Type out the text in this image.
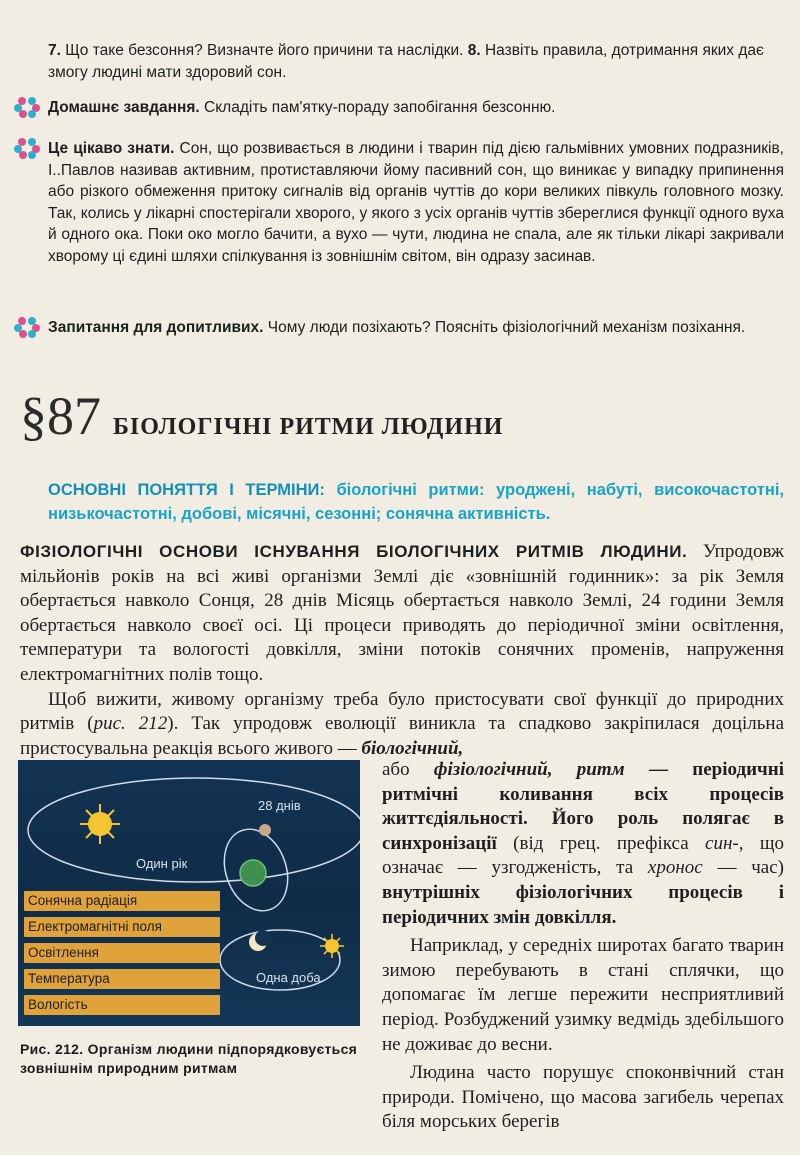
7. Що таке безсоння? Визначте його причини та наслідки. 8. Назвіть правила, дотримання яких дає змогу людині мати здоровий сон.
Домашнє завдання. Складіть пам'ятку-пораду запобігання безсонню.
Це цікаво знати. Сон, що розвивається в людини і тварин під дією гальмівних умовних подразників, І..Павлов називав активним, протиставляючи йому пасивний сон, що виникає у випадку припинення або різкого обмеження притоку сигналів від органів чуттів до кори великих півкуль головного мозку. Так, колись у лікарні спостерігали хворого, у якого з усіх органів чуттів збереглися функції одного вуха й одного ока. Поки око могло бачити, а вухо — чути, людина не спала, але як тільки лікарі закривали хворому ці єдині шляхи спілкування із зовнішнім світом, він одразу засинав.
Запитання для допитливих. Чому люди позіхають? Поясніть фізіологічний механізм позіхання.
§87 БІОЛОГІЧНІ РИТМИ ЛЮДИНИ
ОСНОВНІ ПОНЯТТЯ І ТЕРМІНИ: біологічні ритми: уроджені, набуті, високочастотні, низькочастотні, добові, місячні, сезонні; сонячна активність.

ФІЗІОЛОГІЧНІ ОСНОВИ ІСНУВАННЯ БІОЛОГІЧНИХ РИТМІВ ЛЮДИНИ. Упродовж мільйонів років на всі живі організми Землі діє «зовнішній годинник»: за рік Земля обертається навколо Сонця, 28 днів Місяць обертається навколо Землі, 24 години Земля обертається навколо своєї осі. Ці процеси приводять до періодичної зміни освітлення, температури та вологості довкілля, зміни потоків сонячних променів, напруження електромагнітних полів тощо.

Щоб вижити, живому організму треба було пристосувати свої функції до природних ритмів (рис. 212). Так упродовж еволюції виникла та спадково закріпилася доцільна пристосувальна реакція всього живого — біологічний,

або фізіологічний, ритм — періодичні ритмічні коливання всіх процесів життєдіяльності. Його роль полягає в синхронізації (від грец. префікса син-, що означає — узгодженість, та хронос — час) внутрішніх фізіологічних процесів і періодичних змін довкілля.

Наприклад, у середніх широтах багато тварин зимою перебувають в стані сплячки, що допомагає їм легше пережити несприятливий період. Розбуджений узимку ведмідь здебільшого не доживає до весни.

Людина часто порушує споконвічний стан природи. Помічено, що масова загибель черепах біля морських берегів

28 днів
Один рік
Одна доба
Сонячна радіація
Електромагнітні поля
Освітлення
Температура
Вологість
Рис. 212. Організм людини підпорядковується зовнішнім природним ритмам
